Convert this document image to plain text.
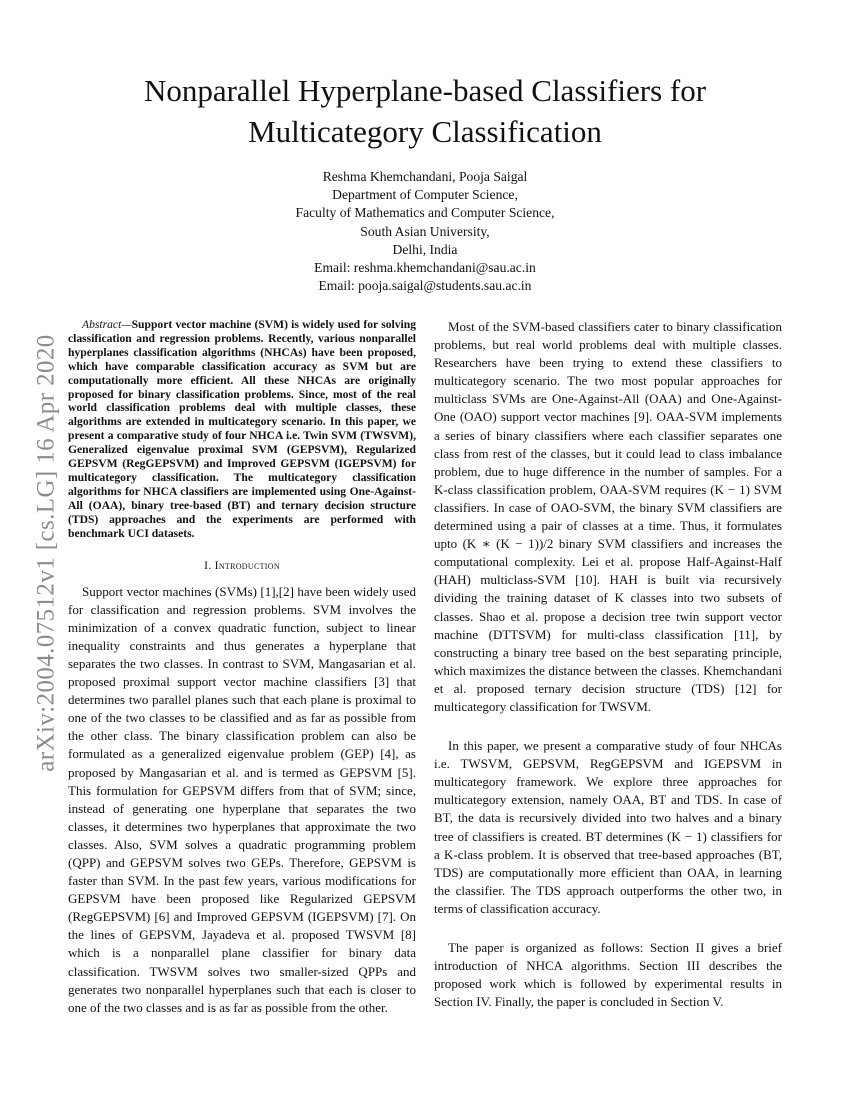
arXiv:2004.07512v1 [cs.LG] 16 Apr 2020
Nonparallel Hyperplane-based Classifiers for
Multicategory Classification
Reshma Khemchandani, Pooja Saigal
Department of Computer Science,
Faculty of Mathematics and Computer Science,
South Asian University,
Delhi, India
Email: reshma.khemchandani@sau.ac.in
Email: pooja.saigal@students.sau.ac.in

Abstract—Support vector machine (SVM) is widely used for solving classification and regression problems. Recently, various nonparallel hyperplanes classification algorithms (NHCAs) have been proposed, which have comparable classification accuracy as SVM but are computationally more efficient. All these NHCAs are originally proposed for binary classification problems. Since, most of the real world classification problems deal with multiple classes, these algorithms are extended in multicategory scenario. In this paper, we present a comparative study of four NHCA i.e. Twin SVM (TWSVM), Generalized eigenvalue proximal SVM (GEPSVM), Regularized GEPSVM (RegGEPSVM) and Improved GEPSVM (IGEPSVM) for multicategory classification. The multicategory classification algorithms for NHCA classifiers are implemented using One-Against-All (OAA), binary tree-based (BT) and ternary decision structure (TDS) approaches and the experiments are performed with benchmark UCI datasets.

I. Introduction

Support vector machines (SVMs) [1],[2] have been widely used for classification and regression problems. SVM involves the minimization of a convex quadratic function, subject to linear inequality constraints and thus generates a hyperplane that separates the two classes. In contrast to SVM, Mangasarian et al. proposed proximal support vector machine classifiers [3] that determines two parallel planes such that each plane is proximal to one of the two classes to be classified and as far as possible from the other class. The binary classification problem can also be formulated as a generalized eigenvalue problem (GEP) [4], as proposed by Mangasarian et al. and is termed as GEPSVM [5]. This formulation for GEPSVM differs from that of SVM; since, instead of generating one hyperplane that separates the two classes, it determines two hyperplanes that approximate the two classes. Also, SVM solves a quadratic programming problem (QPP) and GEPSVM solves two GEPs. Therefore, GEPSVM is faster than SVM. In the past few years, various modifications for GEPSVM have been proposed like Regularized GEPSVM (RegGEPSVM) [6] and Improved GEPSVM (IGEPSVM) [7]. On the lines of GEPSVM, Jayadeva et al. proposed TWSVM [8] which is a nonparallel plane classifier for binary data classification. TWSVM solves two smaller-sized QPPs and generates two nonparallel hyperplanes such that each is closer to one of the two classes and is as far as possible from the other.

Most of the SVM-based classifiers cater to binary classification problems, but real world problems deal with multiple classes. Researchers have been trying to extend these classifiers to multicategory scenario. The two most popular approaches for multiclass SVMs are One-Against-All (OAA) and One-Against-One (OAO) support vector machines [9]. OAA-SVM implements a series of binary classifiers where each classifier separates one class from rest of the classes, but it could lead to class imbalance problem, due to huge difference in the number of samples. For a K-class classification problem, OAA-SVM requires (K − 1) SVM classifiers. In case of OAO-SVM, the binary SVM classifiers are determined using a pair of classes at a time. Thus, it formulates upto (K ∗ (K − 1))/2 binary SVM classifiers and increases the computational complexity. Lei et al. propose Half-Against-Half (HAH) multiclass-SVM [10]. HAH is built via recursively dividing the training dataset of K classes into two subsets of classes. Shao et al. propose a decision tree twin support vector machine (DTTSVM) for multi-class classification [11], by constructing a binary tree based on the best separating principle, which maximizes the distance between the classes. Khemchandani et al. proposed ternary decision structure (TDS) [12] for multicategory classification for TWSVM.

In this paper, we present a comparative study of four NHCAs i.e. TWSVM, GEPSVM, RegGEPSVM and IGEPSVM in multicategory framework. We explore three approaches for multicategory extension, namely OAA, BT and TDS. In case of BT, the data is recursively divided into two halves and a binary tree of classifiers is created. BT determines (K − 1) classifiers for a K-class problem. It is observed that tree-based approaches (BT, TDS) are computationally more efficient than OAA, in learning the classifier. The TDS approach outperforms the other two, in terms of classification accuracy.

The paper is organized as follows: Section II gives a brief introduction of NHCA algorithms. Section III describes the proposed work which is followed by experimental results in Section IV. Finally, the paper is concluded in Section V.
